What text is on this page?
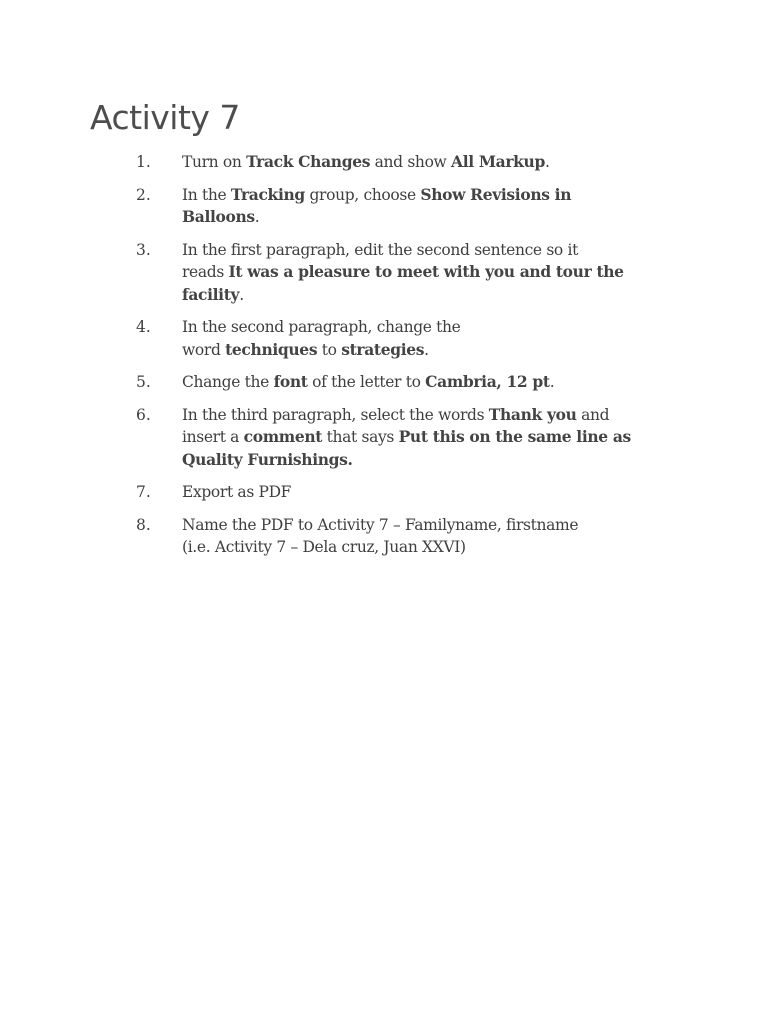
Activity 7
1. Turn on Track Changes and show All Markup.
2. In the Tracking group, choose Show Revisions in
Balloons.
3. In the first paragraph, edit the second sentence so it
reads It was a pleasure to meet with you and tour the
facility.
4. In the second paragraph, change the
word techniques to strategies.
5. Change the font of the letter to Cambria, 12 pt.
6. In the third paragraph, select the words Thank you and
insert a comment that says Put this on the same line as
Quality Furnishings.
7. Export as PDF
8. Name the PDF to Activity 7 – Familyname, firstname
(i.e. Activity 7 – Dela cruz, Juan XXVI)
